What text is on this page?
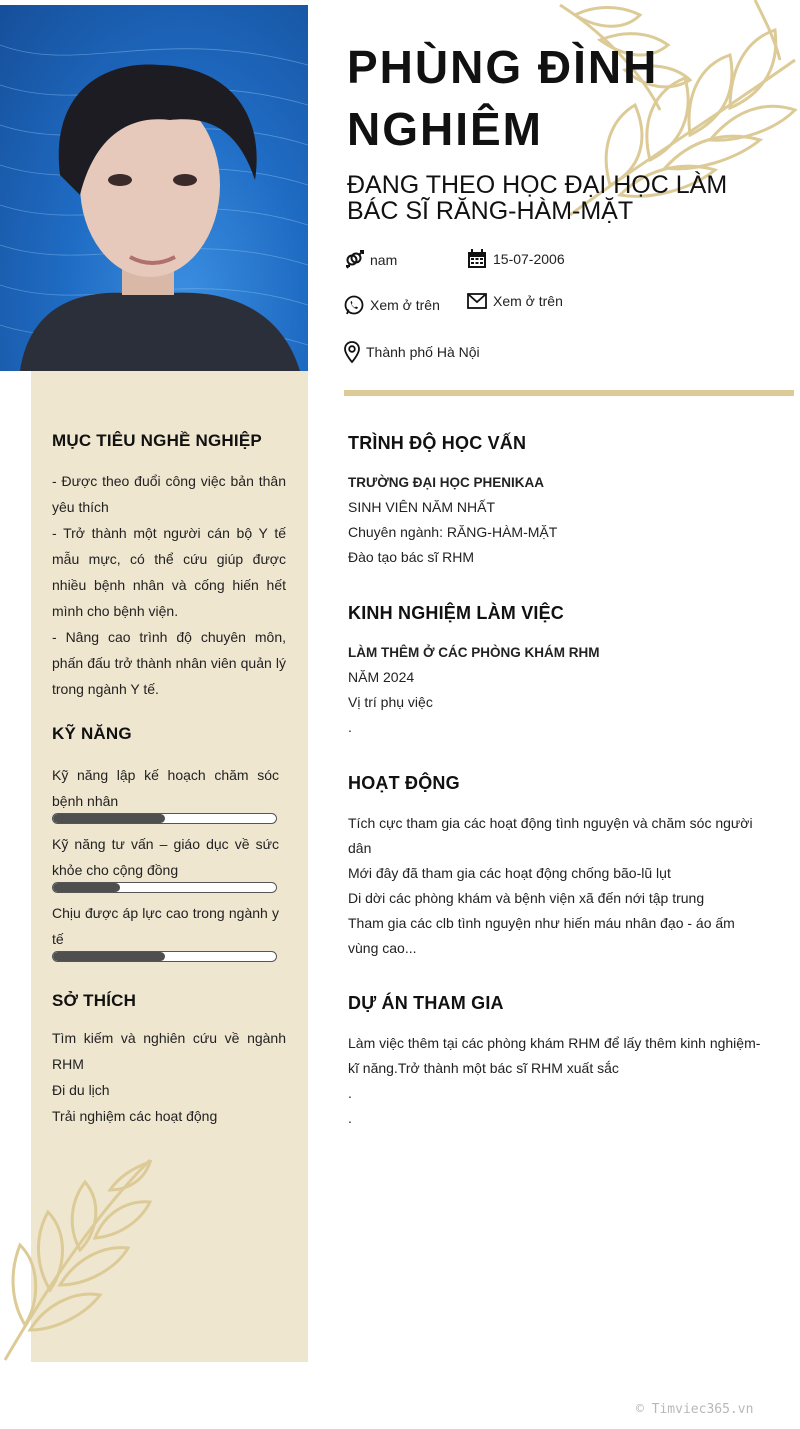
PHÙNG ĐÌNH
NGHIÊM
ĐANG THEO HỌC ĐẠI HỌC LÀM
BÁC SĨ RĂNG-HÀM-MẶT
nam	15-07-2006
Xem ở trên	Xem ở trên
Thành phố Hà Nội
MỤC TIÊU NGHỀ NGHIỆP

- Được theo đuổi công việc bản thân yêu thích

- Trở thành một người cán bộ Y tế mẫu mực, có thể cứu giúp được nhiều bệnh nhân và cống hiến hết mình cho bệnh viện.

- Nâng cao trình độ chuyên môn, phấn đấu trở thành nhân viên quản lý trong ngành Y tế.

KỸ NĂNG
Kỹ năng lập kế hoạch chăm sóc bệnh nhân
Kỹ năng tư vấn – giáo dục về sức khỏe cho cộng đồng
Chịu được áp lực cao trong ngành y tế
SỞ THÍCH

Tìm kiếm và nghiên cứu về ngành RHM

Đi du lịch

Trải nghiệm các hoạt động

TRÌNH ĐỘ HỌC VẤN

TRƯỜNG ĐẠI HỌC PHENIKAA

SINH VIÊN NĂM NHẤT

Chuyên ngành: RĂNG-HÀM-MẶT

Đào tạo bác sĩ RHM

KINH NGHIỆM LÀM VIỆC

LÀM THÊM Ở CÁC PHÒNG KHÁM RHM

NĂM 2024

Vị trí phụ việc

.

HOẠT ĐỘNG

Tích cực tham gia các hoạt động tình nguyện và chăm sóc người dân

Mới đây đã tham gia các hoạt động chống bão-lũ lụt

Di dời các phòng khám và bệnh viện xã đến nới tập trung

Tham gia các clb tình nguyện như hiến máu nhân đạo - áo ấm vùng cao...

DỰ ÁN THAM GIA

Làm việc thêm tại các phòng khám RHM để lấy thêm kinh nghiệm-kĩ năng.Trở thành một bác sĩ RHM xuất sắc

.

.

© Timviec365.vn
